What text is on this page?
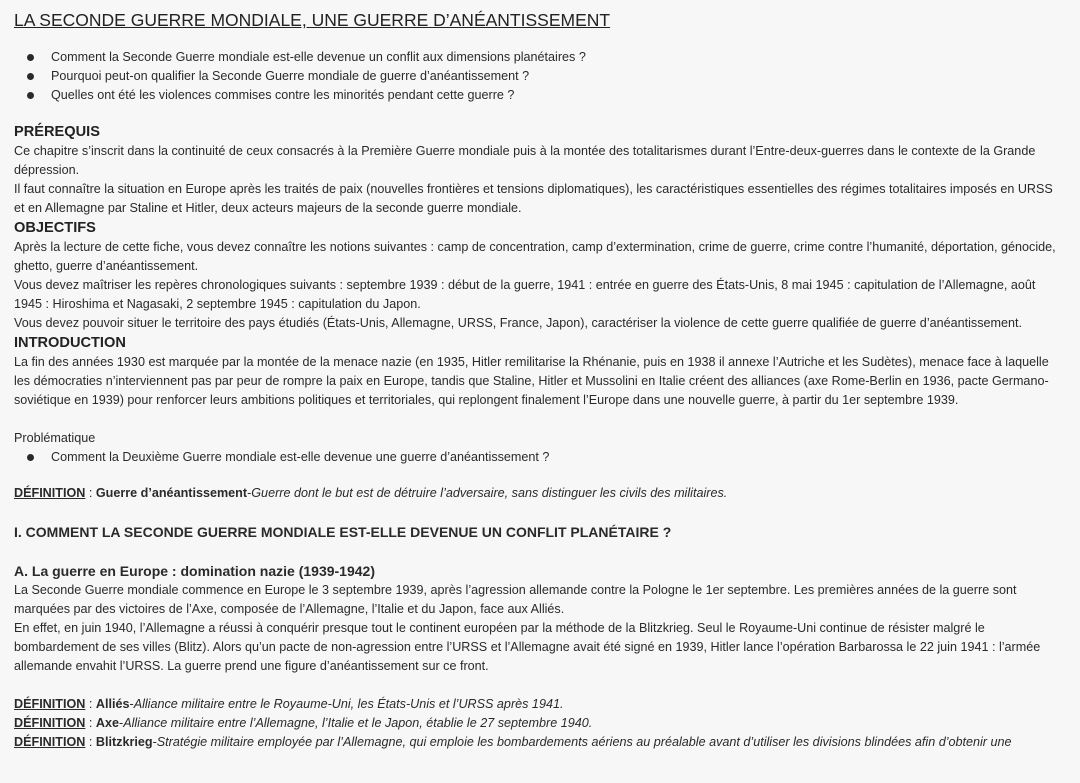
LA SECONDE GUERRE MONDIALE, UNE GUERRE D’ANÉANTISSEMENT
Comment la Seconde Guerre mondiale est-elle devenue un conflit aux dimensions planétaires ?
Pourquoi peut-on qualifier la Seconde Guerre mondiale de guerre d’anéantissement ?
Quelles ont été les violences commises contre les minorités pendant cette guerre ?
PRÉREQUIS

Ce chapitre s’inscrit dans la continuité de ceux consacrés à la Première Guerre mondiale puis à la montée des totalitarismes durant l’Entre-deux-guerres dans le contexte de la Grande dépression.

Il faut connaître la situation en Europe après les traités de paix (nouvelles frontières et tensions diplomatiques), les caractéristiques essentielles des régimes totalitaires imposés en URSS et en Allemagne par Staline et Hitler, deux acteurs majeurs de la seconde guerre mondiale.

OBJECTIFS

Après la lecture de cette fiche, vous devez connaître les notions suivantes : camp de concentration, camp d’extermination, crime de guerre, crime contre l’humanité, déportation, génocide, ghetto, guerre d’anéantissement.

Vous devez maîtriser les repères chronologiques suivants : septembre 1939 : début de la guerre, 1941 : entrée en guerre des États-Unis, 8 mai 1945 : capitulation de l’Allemagne, août 1945 : Hiroshima et Nagasaki, 2 septembre 1945 : capitulation du Japon.

Vous devez pouvoir situer le territoire des pays étudiés (États-Unis, Allemagne, URSS, France, Japon), caractériser la violence de cette guerre qualifiée de guerre d’anéantissement.

INTRODUCTION

La fin des années 1930 est marquée par la montée de la menace nazie (en 1935, Hitler remilitarise la Rhénanie, puis en 1938 il annexe l’Autriche et les Sudètes), menace face à laquelle les démocraties n’interviennent pas par peur de rompre la paix en Europe, tandis que Staline, Hitler et Mussolini en Italie créent des alliances (axe Rome-Berlin en 1936, pacte Germano-soviétique en 1939) pour renforcer leurs ambitions politiques et territoriales, qui replongent finalement l’Europe dans une nouvelle guerre, à partir du 1er septembre 1939.

Problématique

Comment la Deuxième Guerre mondiale est-elle devenue une guerre d’anéantissement ?

DÉFINITION : Guerre d’anéantissement-Guerre dont le but est de détruire l’adversaire, sans distinguer les civils des militaires.

I. COMMENT LA SECONDE GUERRE MONDIALE EST-ELLE DEVENUE UN CONFLIT PLANÉTAIRE ?
A. La guerre en Europe : domination nazie (1939-1942)

La Seconde Guerre mondiale commence en Europe le 3 septembre 1939, après l’agression allemande contre la Pologne le 1er septembre. Les premières années de la guerre sont marquées par des victoires de l’Axe, composée de l’Allemagne, l’Italie et du Japon, face aux Alliés.

En effet, en juin 1940, l’Allemagne a réussi à conquérir presque tout le continent européen par la méthode de la Blitzkrieg. Seul le Royaume-Uni continue de résister malgré le bombardement de ses villes (Blitz). Alors qu’un pacte de non-agression entre l’URSS et l’Allemagne avait été signé en 1939, Hitler lance l’opération Barbarossa le 22 juin 1941 : l’armée allemande envahit l’URSS. La guerre prend une figure d’anéantissement sur ce front.

DÉFINITION : Alliés-Alliance militaire entre le Royaume-Uni, les États-Unis et l’URSS après 1941.

DÉFINITION : Axe-Alliance militaire entre l’Allemagne, l’Italie et le Japon, établie le 27 septembre 1940.

DÉFINITION : Blitzkrieg-Stratégie militaire employée par l’Allemagne, qui emploie les bombardements aériens au préalable avant d’utiliser les divisions blindées afin d’obtenir une
